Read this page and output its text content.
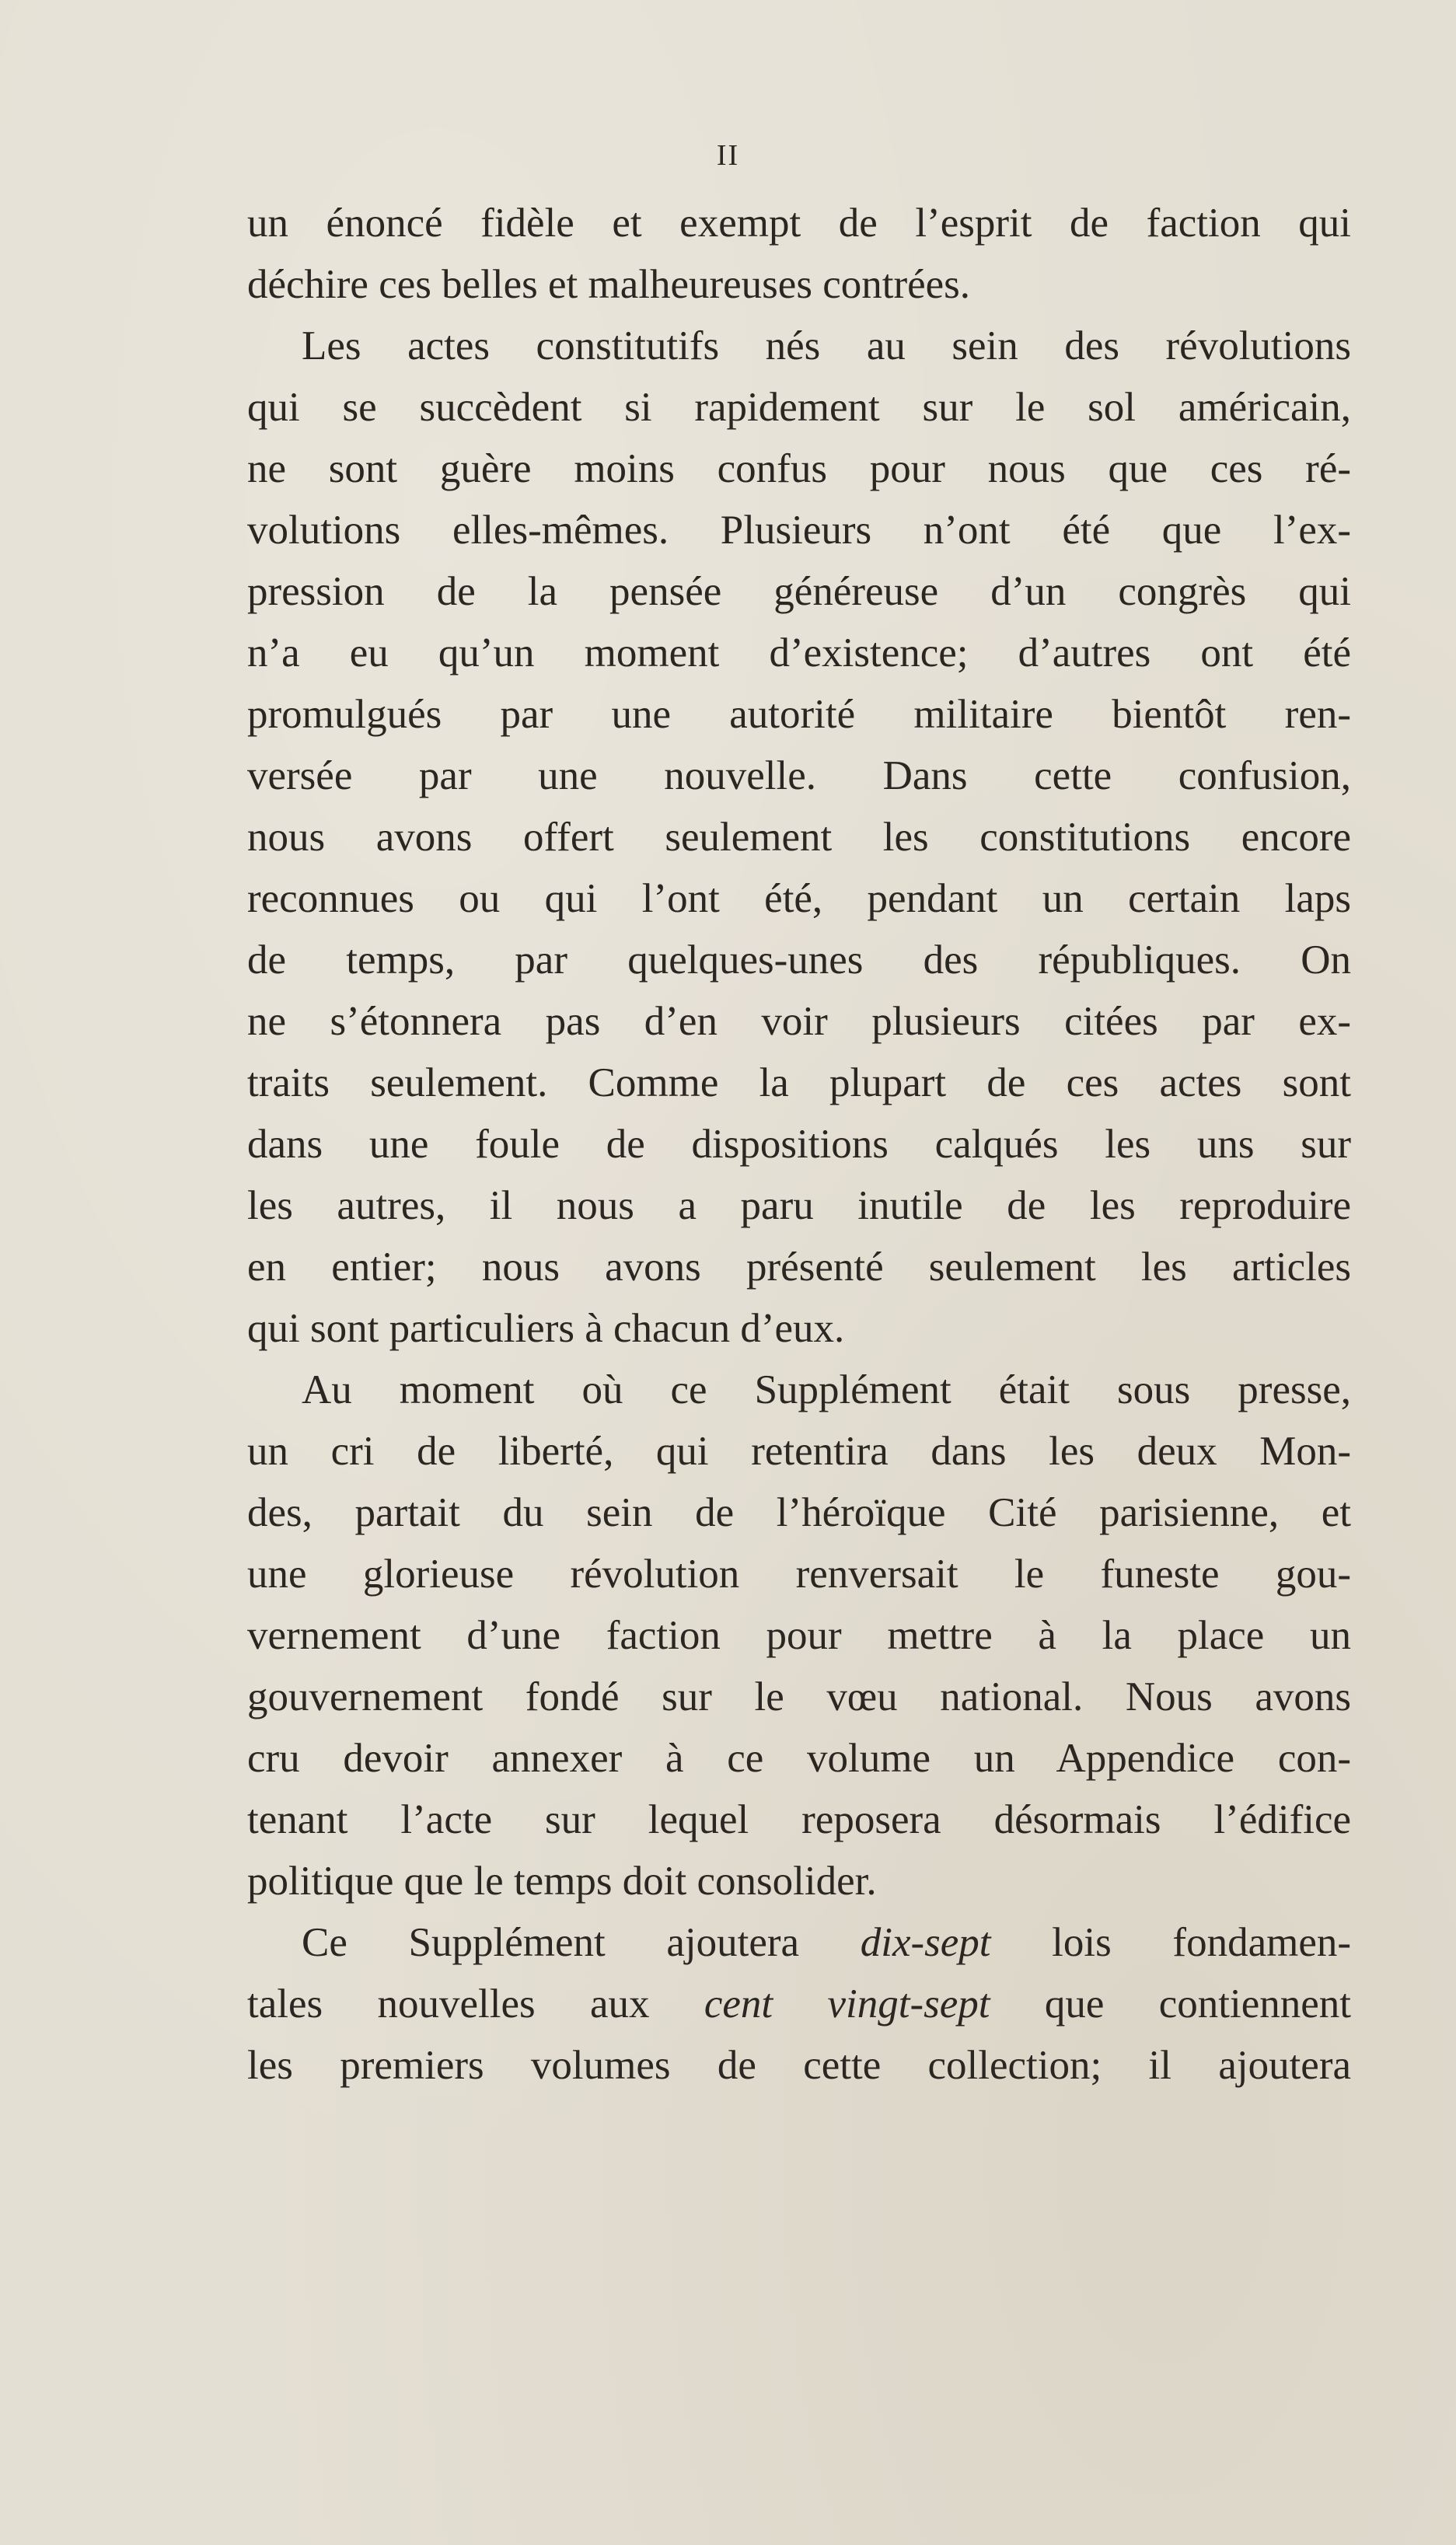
II
un énoncé fidèle et exempt de l’esprit de faction qui
déchire ces belles et malheureuses contrées.
Les actes constitutifs nés au sein des révolutions
qui se succèdent si rapidement sur le sol américain,
ne sont guère moins confus pour nous que ces ré-
volutions elles-mêmes. Plusieurs n’ont été que l’ex-
pression de la pensée généreuse d’un congrès qui
n’a eu qu’un moment d’existence; d’autres ont été
promulgués par une autorité militaire bientôt ren-
versée par une nouvelle. Dans cette confusion,
nous avons offert seulement les constitutions encore
reconnues ou qui l’ont été, pendant un certain laps
de temps, par quelques-unes des républiques. On
ne s’étonnera pas d’en voir plusieurs citées par ex-
traits seulement. Comme la plupart de ces actes sont
dans une foule de dispositions calqués les uns sur
les autres, il nous a paru inutile de les reproduire
en entier; nous avons présenté seulement les articles
qui sont particuliers à chacun d’eux.
Au moment où ce Supplément était sous presse,
un cri de liberté, qui retentira dans les deux Mon-
des, partait du sein de l’héroïque Cité parisienne, et
une glorieuse révolution renversait le funeste gou-
vernement d’une faction pour mettre à la place un
gouvernement fondé sur le vœu national. Nous avons
cru devoir annexer à ce volume un Appendice con-
tenant l’acte sur lequel reposera désormais l’édifice
politique que le temps doit consolider.
Ce Supplément ajoutera dix-sept lois fondamen-
tales nouvelles aux cent vingt-sept que contiennent
les premiers volumes de cette collection; il ajoutera
